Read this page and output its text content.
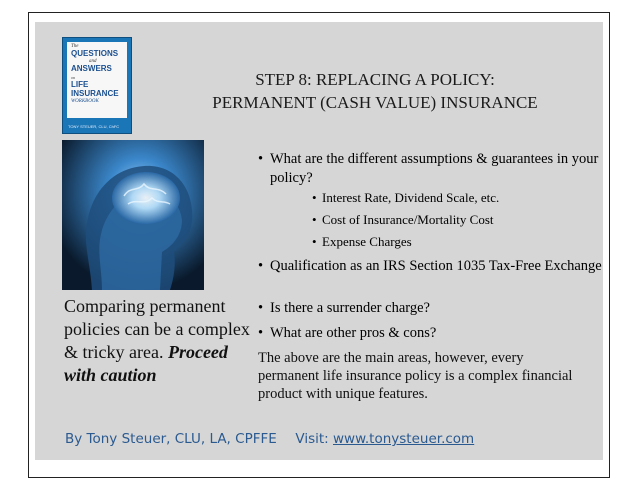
The
QUESTIONS
and
ANSWERS
on
LIFE INSURANCE
WORKBOOK
TONY STEUER, CLU, ChFC
STEP 8: REPLACING A POLICY:
PERMANENT (CASH VALUE) INSURANCE
Comparing permanent policies can be a complex & tricky area. Proceed with caution
• What are the different assumptions & guarantees in your policy?
• Interest Rate, Dividend Scale, etc.
• Cost of Insurance/Mortality Cost
• Expense Charges
• Qualification as an IRS Section 1035 Tax-Free Exchange
• Is there a surrender charge?
• What are other pros & cons?
The above are the main areas, however, every permanent life insurance policy is a complex financial product with unique features.
By Tony Steuer, CLU, LA, CPFFE Visit: www.tonysteuer.com
